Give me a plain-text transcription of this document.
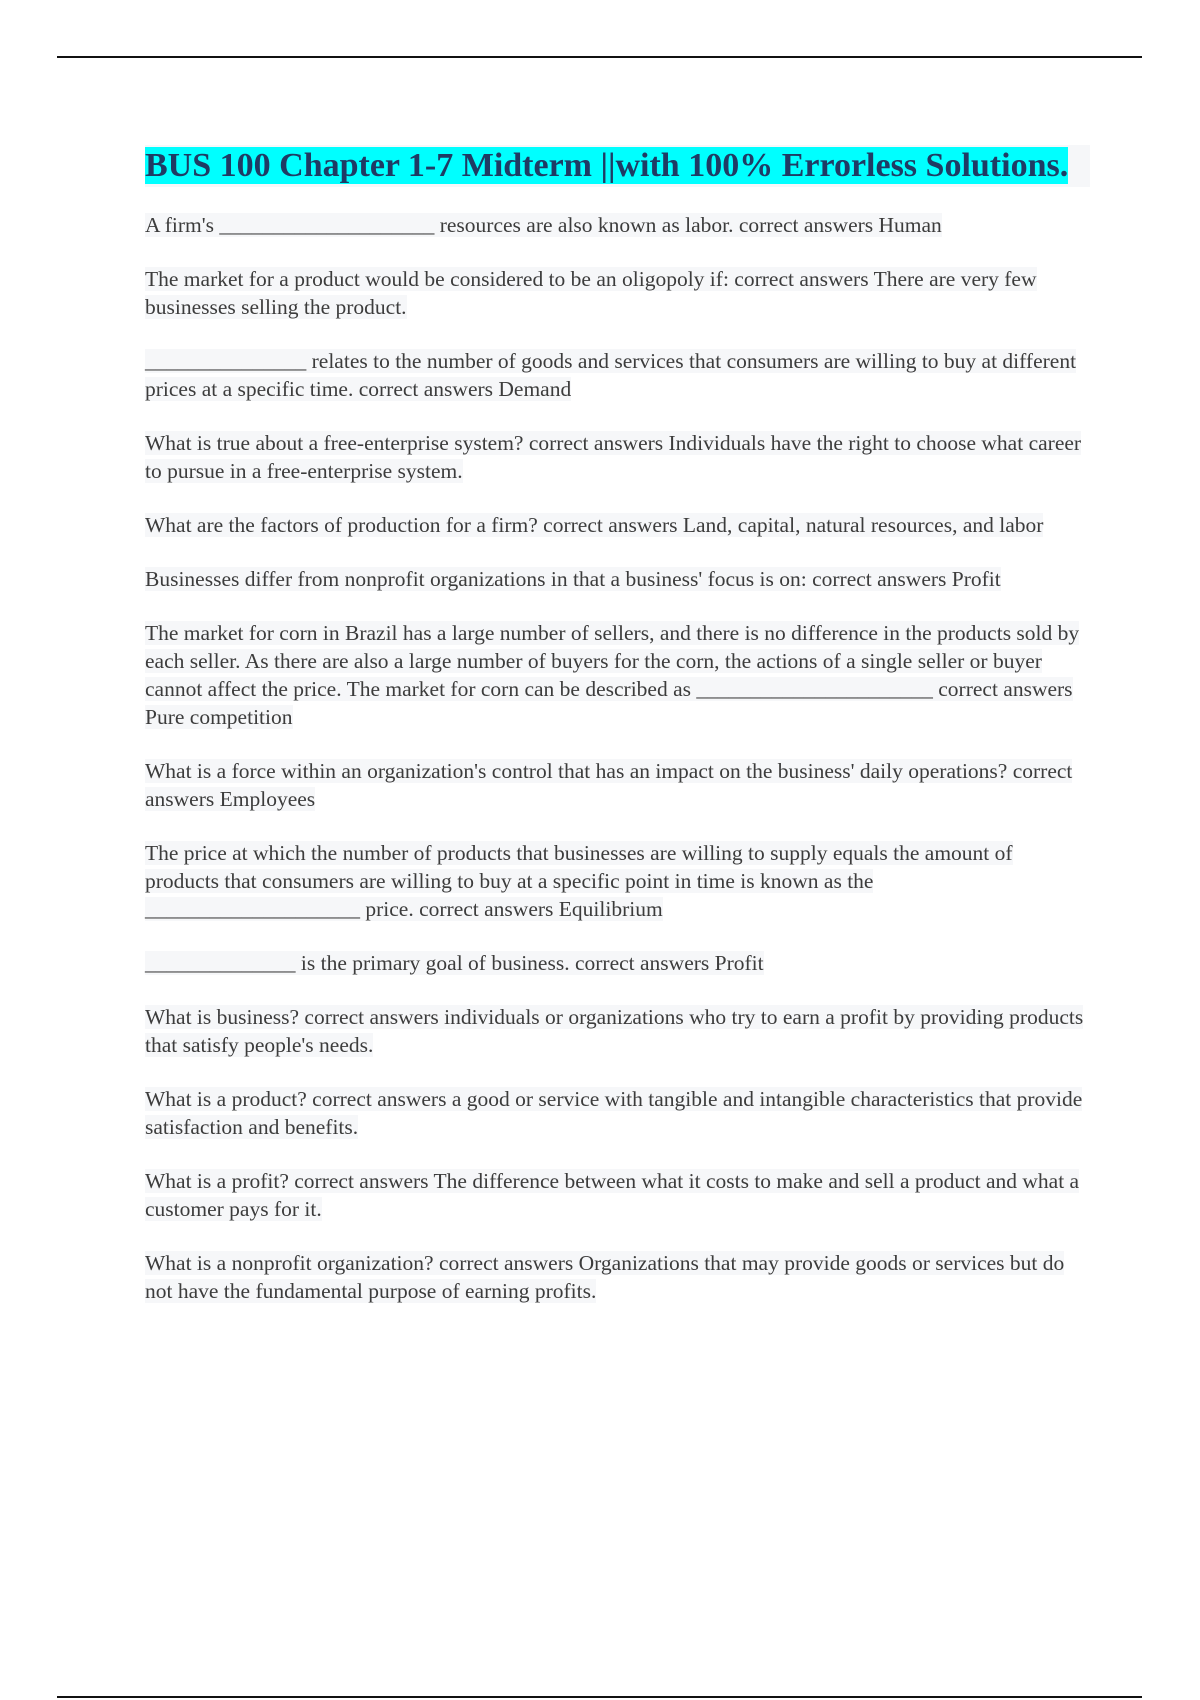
BUS 100 Chapter 1-7 Midterm ||with 100% Errorless Solutions.

A firm's ____________________ resources are also known as labor. correct answers Human

The market for a product would be considered to be an oligopoly if: correct answers There are very few businesses selling the product.

_______________ relates to the number of goods and services that consumers are willing to buy at different prices at a specific time. correct answers Demand

What is true about a free-enterprise system? correct answers Individuals have the right to choose what career to pursue in a free-enterprise system.

What are the factors of production for a firm? correct answers Land, capital, natural resources, and labor

Businesses differ from nonprofit organizations in that a business' focus is on: correct answers Profit

The market for corn in Brazil has a large number of sellers, and there is no difference in the products sold by each seller. As there are also a large number of buyers for the corn, the actions of a single seller or buyer cannot affect the price. The market for corn can be described as ______________________ correct answers Pure competition

What is a force within an organization's control that has an impact on the business' daily operations? correct answers Employees

The price at which the number of products that businesses are willing to supply equals the amount of products that consumers are willing to buy at a specific point in time is known as the ____________________ price. correct answers Equilibrium

______________ is the primary goal of business. correct answers Profit

What is business? correct answers individuals or organizations who try to earn a profit by providing products that satisfy people's needs.

What is a product? correct answers a good or service with tangible and intangible characteristics that provide satisfaction and benefits.

What is a profit? correct answers The difference between what it costs to make and sell a product and what a customer pays for it.

What is a nonprofit organization? correct answers Organizations that may provide goods or services but do not have the fundamental purpose of earning profits.
